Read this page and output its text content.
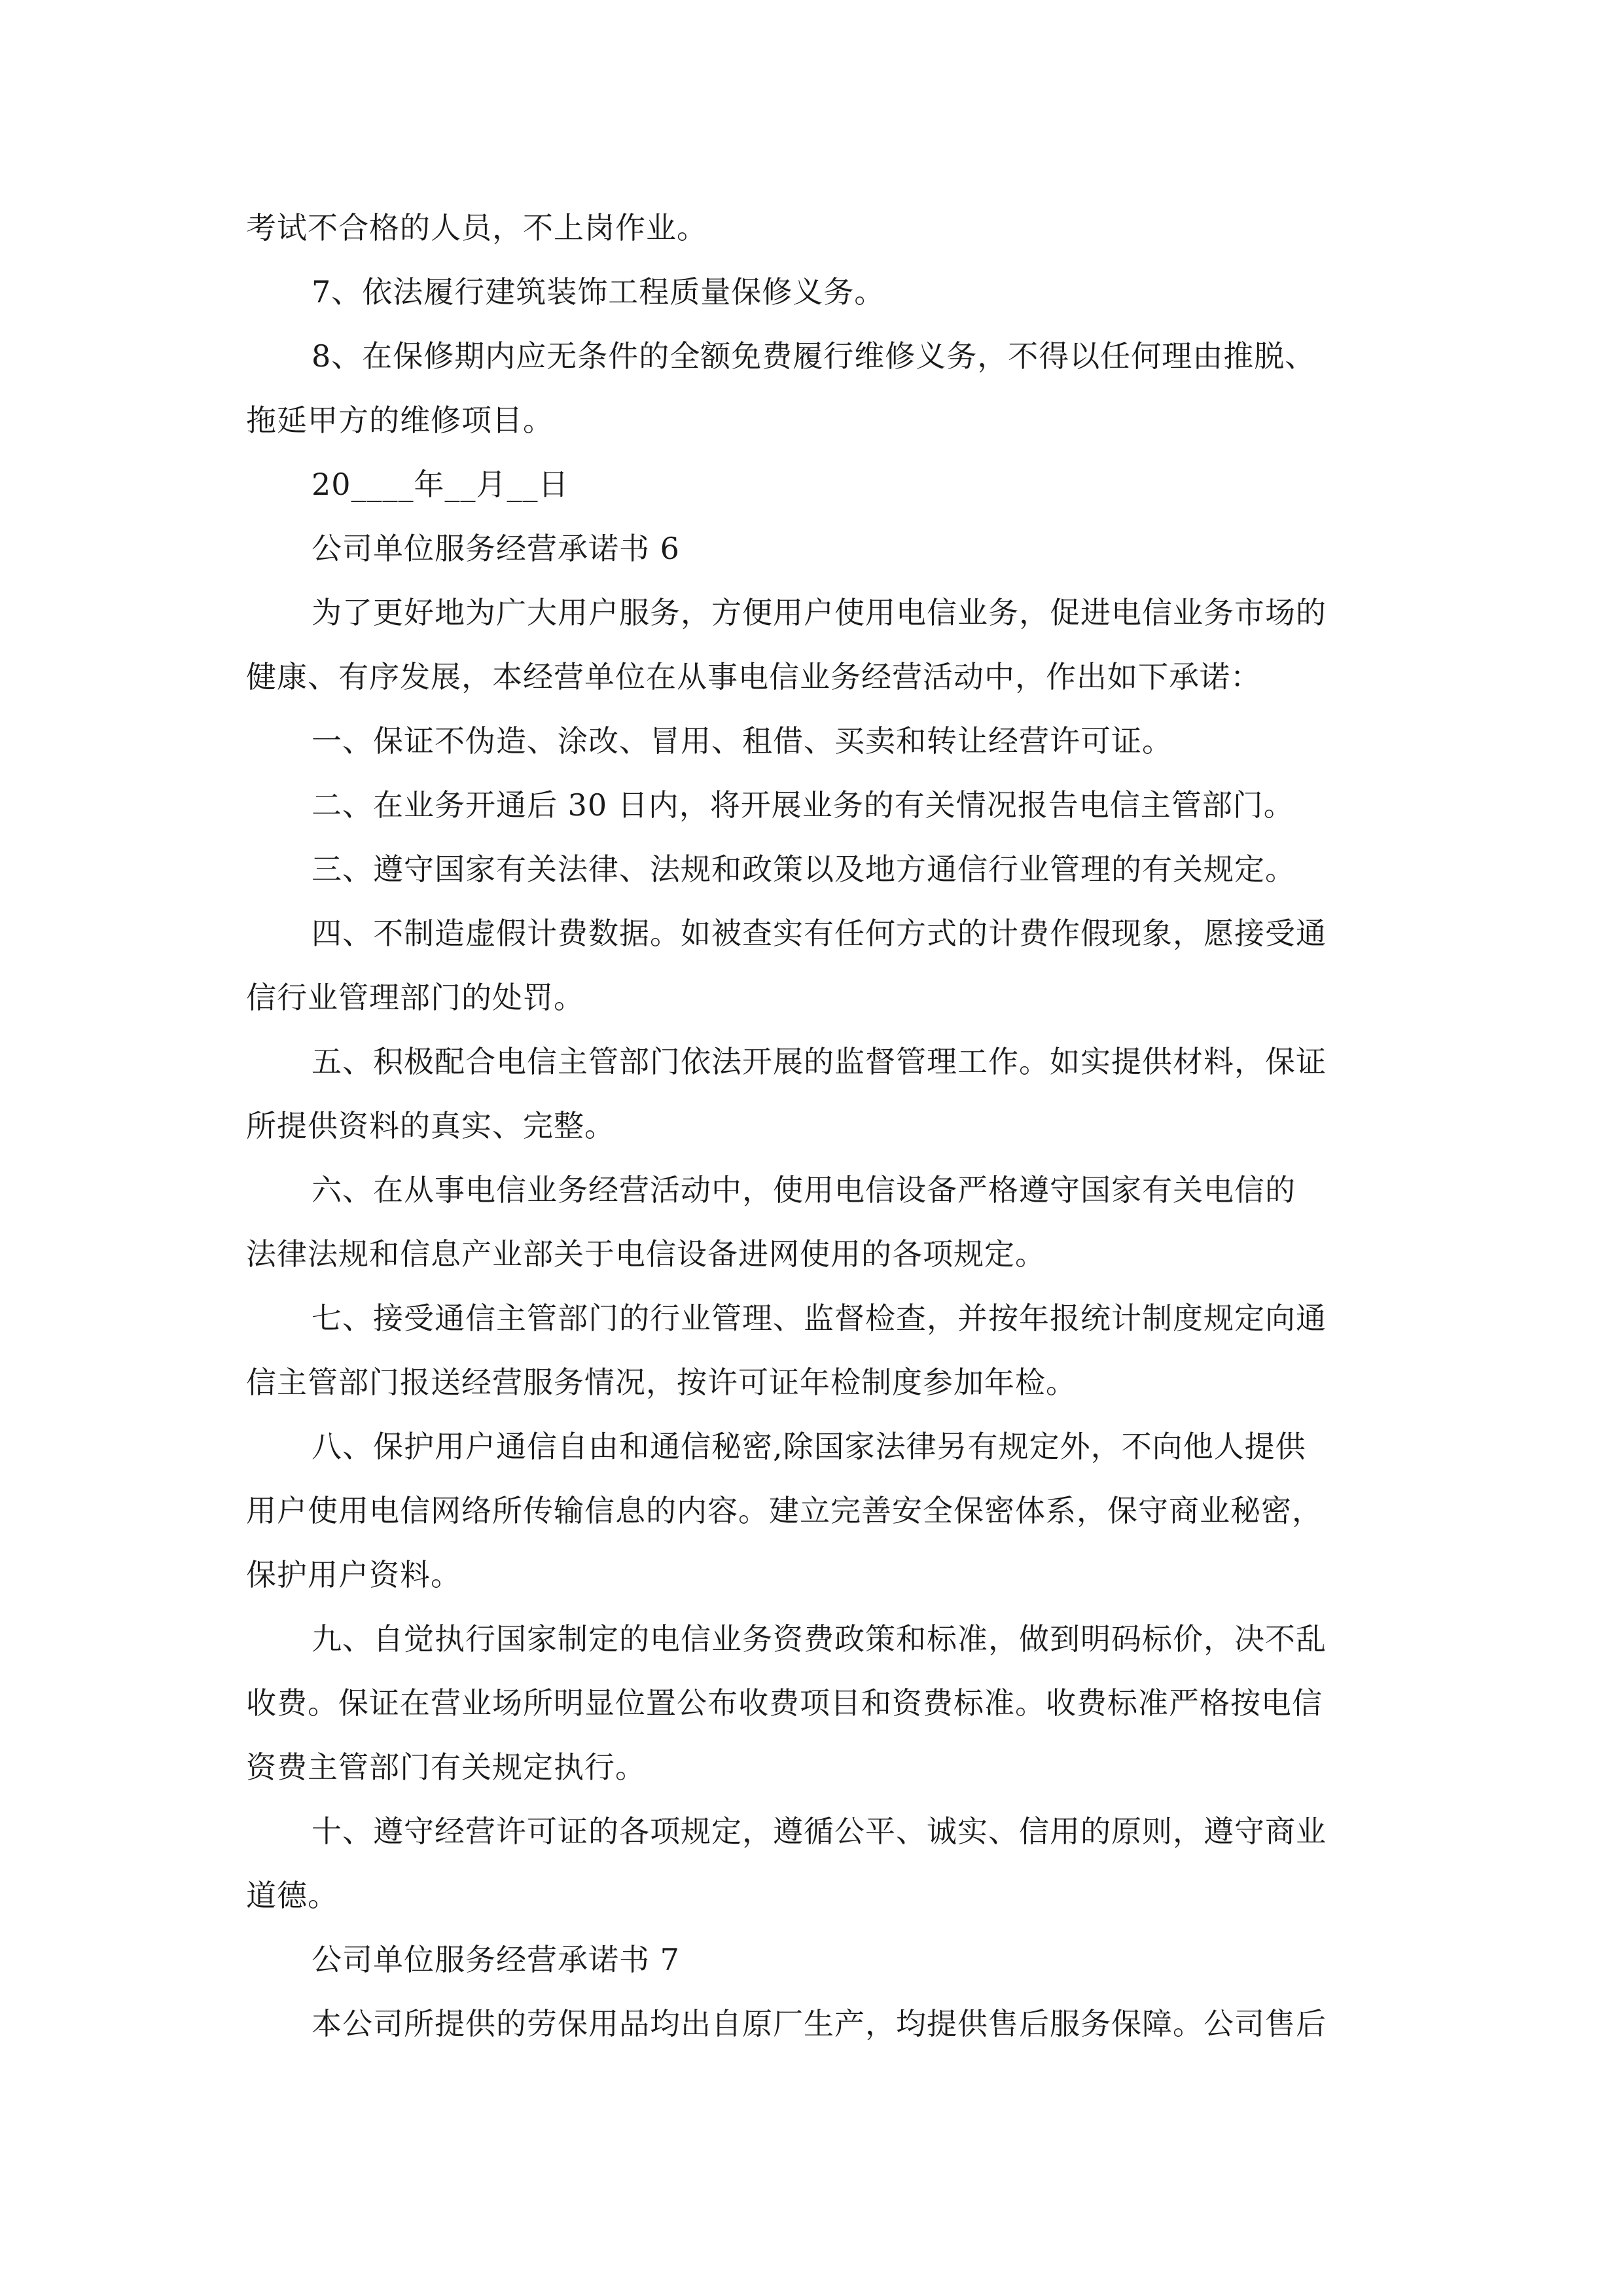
考试不合格的人员，不上岗作业。
7、依法履行建筑装饰工程质量保修义务。
8、在保修期内应无条件的全额免费履行维修义务，不得以任何理由推脱、
拖延甲方的维修项目。
20____年__月__日
公司单位服务经营承诺书 6
为了更好地为广大用户服务，方便用户使用电信业务，促进电信业务市场的
健康、有序发展，本经营单位在从事电信业务经营活动中，作出如下承诺：
一、保证不伪造、涂改、冒用、租借、买卖和转让经营许可证。
二、在业务开通后 30 日内，将开展业务的有关情况报告电信主管部门。
三、遵守国家有关法律、法规和政策以及地方通信行业管理的有关规定。
四、不制造虚假计费数据。如被查实有任何方式的计费作假现象，愿接受通
信行业管理部门的处罚。
五、积极配合电信主管部门依法开展的监督管理工作。如实提供材料，保证
所提供资料的真实、完整。
六、在从事电信业务经营活动中，使用电信设备严格遵守国家有关电信的
法律法规和信息产业部关于电信设备进网使用的各项规定。
七、接受通信主管部门的行业管理、监督检查，并按年报统计制度规定向通
信主管部门报送经营服务情况，按许可证年检制度参加年检。
八、保护用户通信自由和通信秘密,除国家法律另有规定外，不向他人提供
用户使用电信网络所传输信息的内容。建立完善安全保密体系，保守商业秘密，
保护用户资料。
九、自觉执行国家制定的电信业务资费政策和标准，做到明码标价，决不乱
收费。保证在营业场所明显位置公布收费项目和资费标准。收费标准严格按电信
资费主管部门有关规定执行。
十、遵守经营许可证的各项规定，遵循公平、诚实、信用的原则，遵守商业
道德。
公司单位服务经营承诺书 7
本公司所提供的劳保用品均出自原厂生产，均提供售后服务保障。公司售后
